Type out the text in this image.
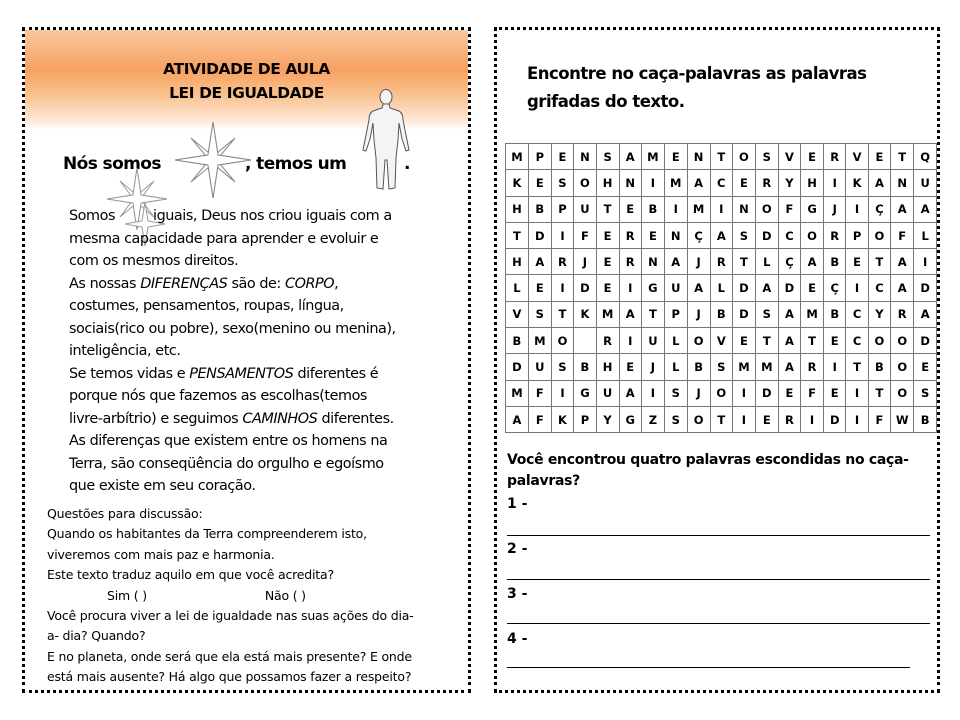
ATIVIDADE DE AULA
LEI DE IGUALDADE
Nós somos	, temos um	.

Somos	iguais, Deus nos criou iguais com a

mesma capacidade para aprender e evoluir e

com os mesmos direitos.

As nossas DIFERENÇAS são de: CORPO,

costumes, pensamentos, roupas, língua,

sociais(rico ou pobre), sexo(menino ou menina),

inteligência, etc.

Se temos vidas e PENSAMENTOS diferentes é

porque nós que fazemos as escolhas(temos

livre-arbítrio) e seguimos CAMINHOS diferentes.

As diferenças que existem entre os homens na

Terra, são conseqüência do orgulho e egoísmo

que existe em seu coração.

Questões para discussão:

Quando os habitantes da Terra compreenderem isto,

viveremos com mais paz e harmonia.

Este texto traduz aquilo em que você acredita?

Sim ( )	Não ( )

Você procura viver a lei de igualdade nas suas ações do dia-

a- dia? Quando?

E no planeta, onde será que ela está mais presente? E onde

está mais ausente? Há algo que possamos fazer a respeito?

Encontre no caça-palavras as palavras

grifadas do texto.

M	P	E	N	S	A	M	E	N	T	O	S	V	E	R	V	E	T	Q
K	E	S	O	H	N	I	M	A	C	E	R	Y	H	I	K	A	N	U
H	B	P	U	T	E	B	I	M	I	N	O	F	G	J	I	Ç	A	A
T	D	I	F	E	R	E	N	Ç	A	S	D	C	O	R	P	O	F	L
H	A	R	J	E	R	N	A	J	R	T	L	Ç	A	B	E	T	A	I
L	E	I	D	E	I	G	U	A	L	D	A	D	E	Ç	I	C	A	D
V	S	T	K	M	A	T	P	J	B	D	S	A	M	B	C	Y	R	A
B	M	O		R	I	U	L	O	V	E	T	A	T	E	C	O	O	D
D	U	S	B	H	E	J	L	B	S	M	M	A	R	I	T	B	O	E
M	F	I	G	U	A	I	S	J	O	I	D	E	F	E	I	T	O	S
A	F	K	P	Y	G	Z	S	O	T	I	E	R	I	D	I	F	W	B

Você encontrou quatro palavras escondidas no caça-palavras?

1 -
2 -
3 -
4 -
